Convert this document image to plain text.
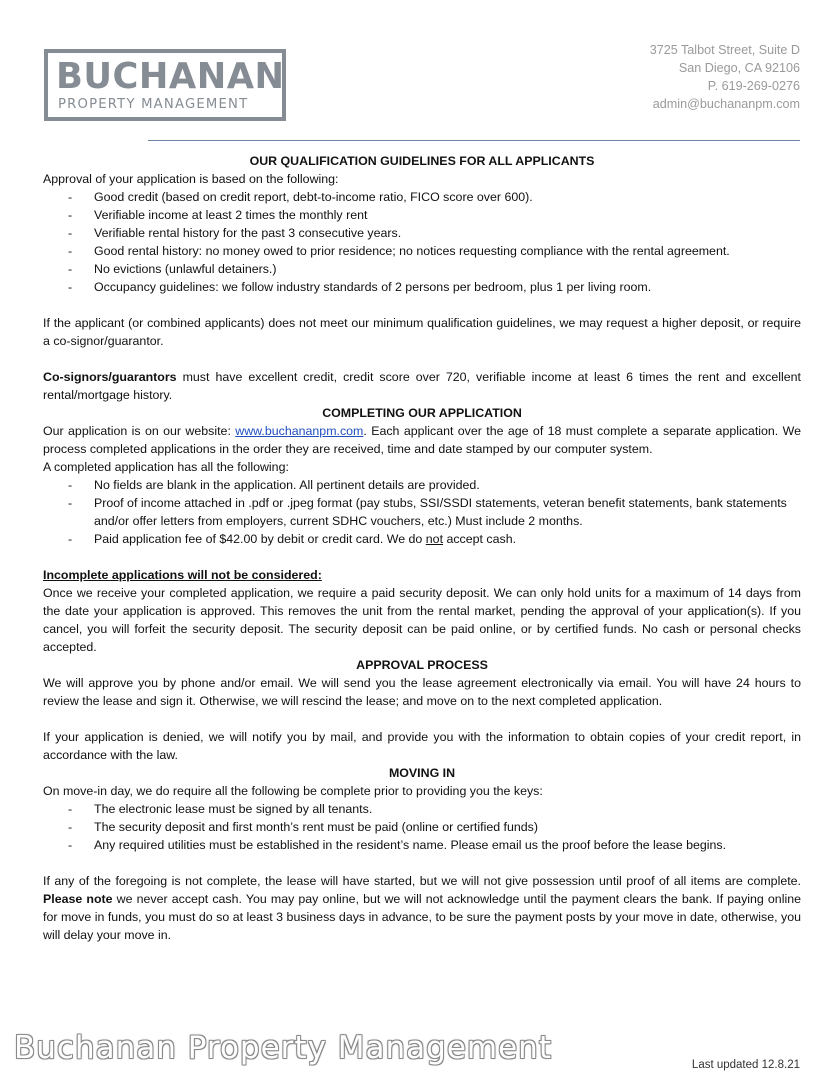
BUCHANAN
PROPERTY MANAGEMENT
3725 Talbot Street, Suite D
San Diego, CA 92106
P. 619-269-0276
admin@buchananpm.com

OUR QUALIFICATION GUIDELINES FOR ALL APPLICANTS

Approval of your application is based on the following:

- Good credit (based on credit report, debt-to-income ratio, FICO score over 600).
- Verifiable income at least 2 times the monthly rent
- Verifiable rental history for the past 3 consecutive years.
- Good rental history: no money owed to prior residence; no notices requesting compliance with the rental agreement.
- No evictions (unlawful detainers.)
- Occupancy guidelines: we follow industry standards of 2 persons per bedroom, plus 1 per living room.

If the applicant (or combined applicants) does not meet our minimum qualification guidelines, we may request a higher deposit, or require a co-signor/guarantor.

Co-signors/guarantors must have excellent credit, credit score over 720, verifiable income at least 6 times the rent and excellent rental/mortgage history.

COMPLETING OUR APPLICATION

Our application is on our website: www.buchananpm.com. Each applicant over the age of 18 must complete a separate application. We process completed applications in the order they are received, time and date stamped by our computer system.

A completed application has all the following:

- No fields are blank in the application. All pertinent details are provided.
- Proof of income attached in .pdf or .jpeg format (pay stubs, SSI/SSDI statements, veteran benefit statements, bank statements and/or offer letters from employers, current SDHC vouchers, etc.) Must include 2 months.
- Paid application fee of $42.00 by debit or credit card. We do not accept cash.

Incomplete applications will not be considered:

Once we receive your completed application, we require a paid security deposit. We can only hold units for a maximum of 14 days from the date your application is approved. This removes the unit from the rental market, pending the approval of your application(s). If you cancel, you will forfeit the security deposit. The security deposit can be paid online, or by certified funds. No cash or personal checks accepted.

APPROVAL PROCESS

We will approve you by phone and/or email. We will send you the lease agreement electronically via email. You will have 24 hours to review the lease and sign it. Otherwise, we will rescind the lease; and move on to the next completed application.

If your application is denied, we will notify you by mail, and provide you with the information to obtain copies of your credit report, in accordance with the law.

MOVING IN

On move-in day, we do require all the following be complete prior to providing you the keys:

- The electronic lease must be signed by all tenants.
- The security deposit and first month’s rent must be paid (online or certified funds)
- Any required utilities must be established in the resident’s name. Please email us the proof before the lease begins.

If any of the foregoing is not complete, the lease will have started, but we will not give possession until proof of all items are complete. Please note we never accept cash. You may pay online, but we will not acknowledge until the payment clears the bank. If paying online for move in funds, you must do so at least 3 business days in advance, to be sure the payment posts by your move in date, otherwise, you will delay your move in.

Buchanan Property Management	Last updated 12.8.21
